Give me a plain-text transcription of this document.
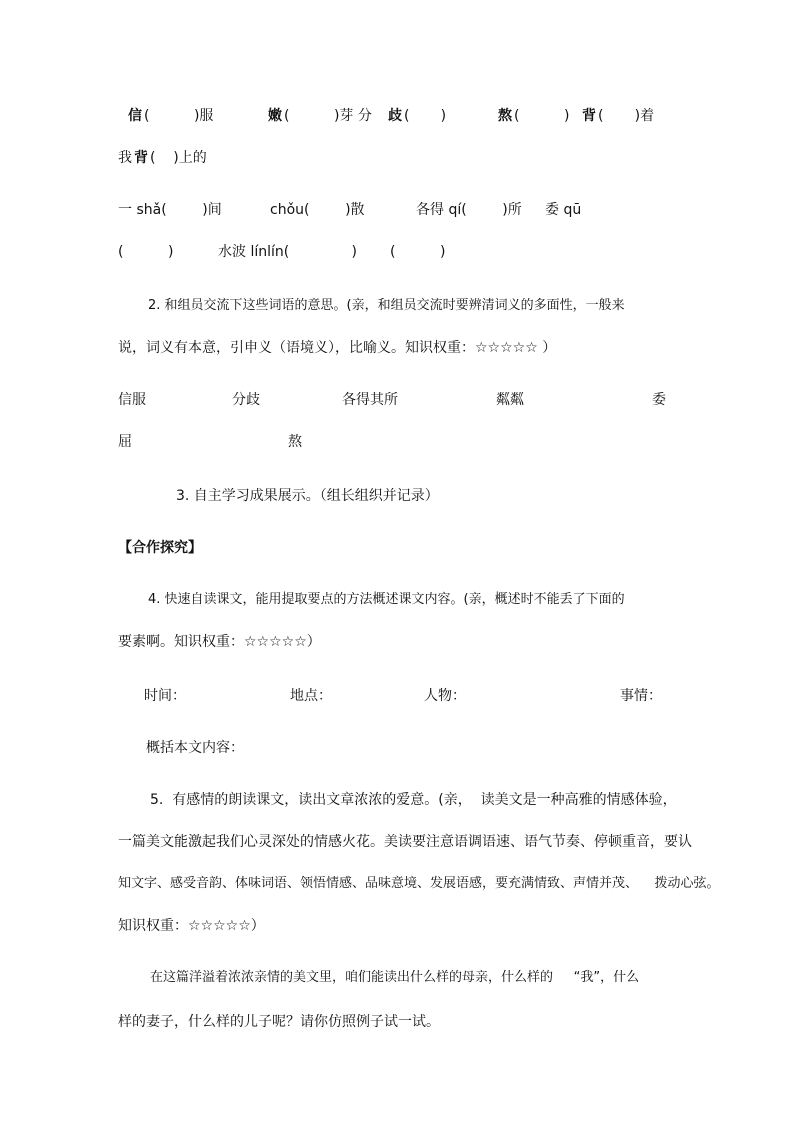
信 (          )服	嫩 (          )芽 分 歧 (       )	熬 (          ) 背 (       )着
我 背 (    )上的
一 shǎ(        )间	chǒu(        )散	各得 qí(        )所 委 qū
(          )	水波 línlín(              ) (          )
2. 和组员交流下这些词语的意思。(亲，和组员交流时要辨清词义的多面性，一般来
说，词义有本意，引申义（语境义），比喻义。知识权重：☆☆☆☆☆ ）
信服	分歧	各得其所	粼粼	委
屈	熬
3. 自主学习成果展示。（组长组织并记录）
【合作探究】
4. 快速自读课文，能用提取要点的方法概述课文内容。(亲，概述时不能丢了下面的
要素啊。知识权重：☆☆☆☆☆）
时间：	地点：	人物：	事情：
概括本文内容：
5.  有感情的朗读课文，读出文章浓浓的爱意。(亲，  读美文是一种高雅的情感体验，
一篇美文能激起我们心灵深处的情感火花。美读要注意语调语速、语气节奏、停顿重音，要认
知文字、感受音韵、体味词语、领悟情感、品味意境、发展语感，要充满情致、声情并茂、    拨动心弦。
知识权重：☆☆☆☆☆）
在这篇洋溢着浓浓亲情的美文里，咱们能读出什么样的母亲，什么样的     “我”，什么
样的妻子，什么样的儿子呢？请你仿照例子试一试。
